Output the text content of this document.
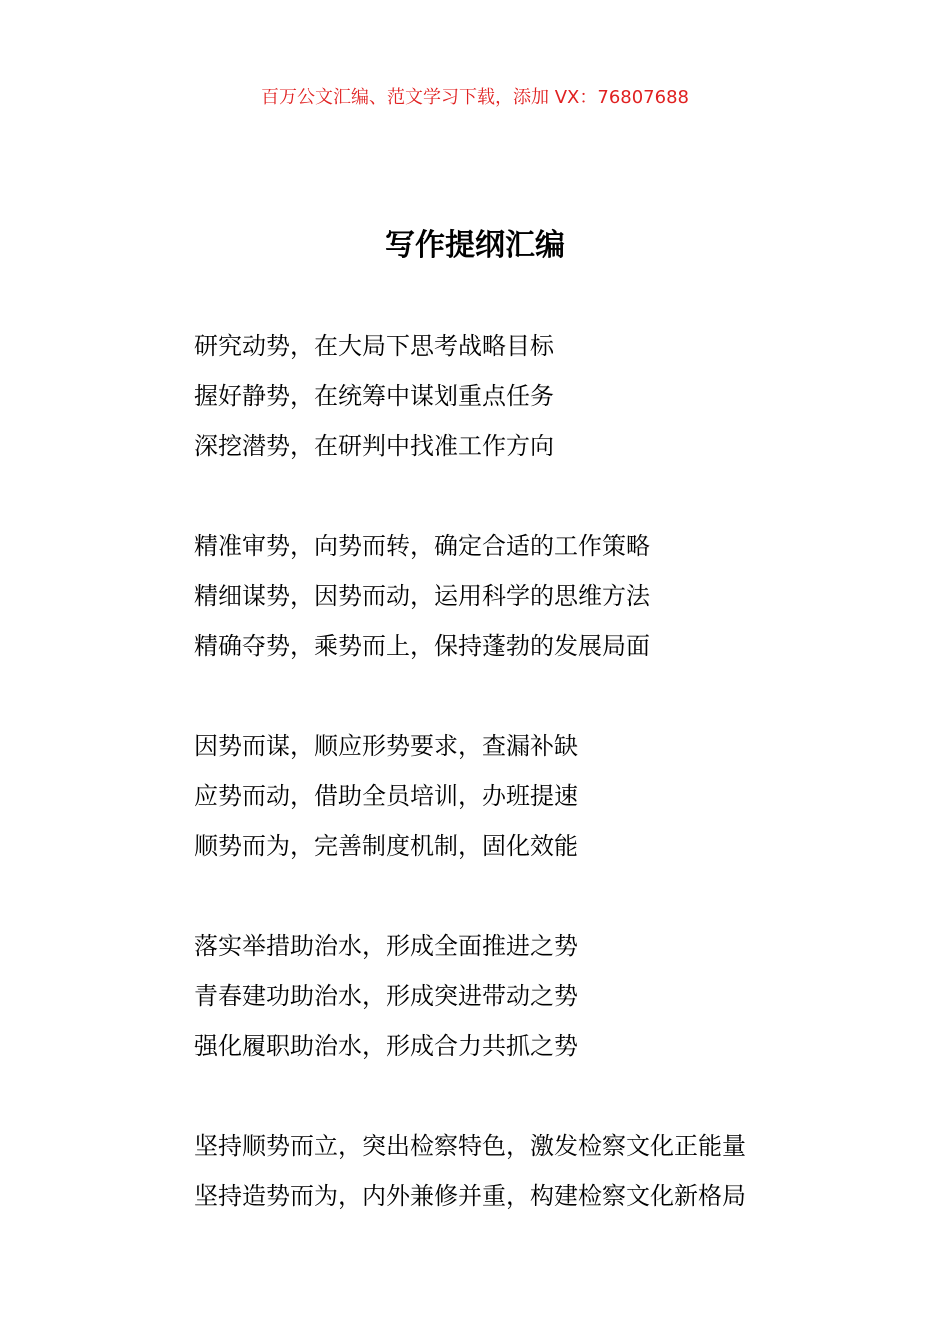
百万公文汇编、范文学习下载，添加 VX：76807688
写作提纲汇编
研究动势，在大局下思考战略目标
握好静势，在统筹中谋划重点任务
深挖潜势，在研判中找准工作方向
精准审势，向势而转，确定合适的工作策略
精细谋势，因势而动，运用科学的思维方法
精确夺势，乘势而上，保持蓬勃的发展局面
因势而谋，顺应形势要求，查漏补缺
应势而动，借助全员培训，办班提速
顺势而为，完善制度机制，固化效能
落实举措助治水，形成全面推进之势
青春建功助治水，形成突进带动之势
强化履职助治水，形成合力共抓之势
坚持顺势而立，突出检察特色，激发检察文化正能量
坚持造势而为，内外兼修并重，构建检察文化新格局
